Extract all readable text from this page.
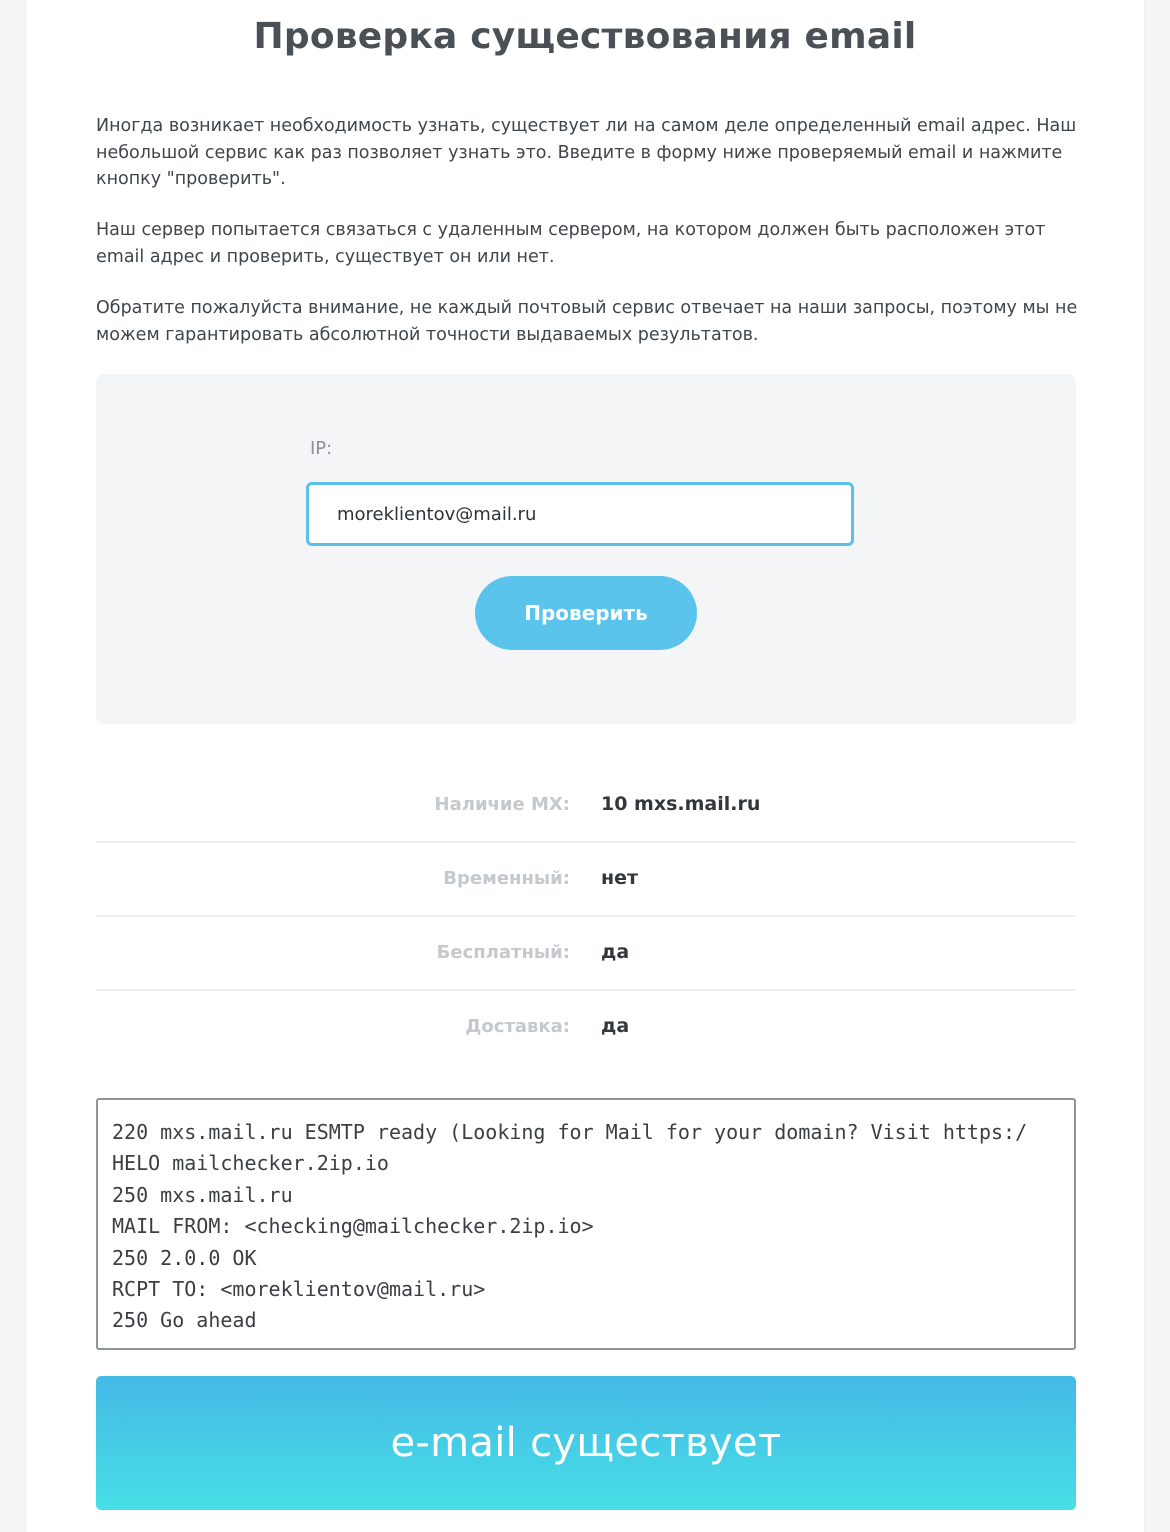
Проверка существования email

Иногда возникает необходимость узнать, существует ли на самом деле определенный email адрес. Наш небольшой сервис как раз позволяет узнать это. Введите в форму ниже проверяемый email и нажмите кнопку "проверить".

Наш сервер попытается связаться с удаленным сервером, на котором должен быть расположен этот email адрес и проверить, существует он или нет.

Обратите пожалуйста внимание, не каждый почтовый сервис отвечает на наши запросы, поэтому мы не можем гарантировать абсолютной точности выдаваемых результатов.

IP:
moreklientov@mail.ru
Проверить
Наличие MX: 10 mxs.mail.ru
Временный: нет
Бесплатный: да
Доставка: да
220 mxs.mail.ru ESMTP ready (Looking for Mail for your domain? Visit https:/
HELO mailchecker.2ip.io
250 mxs.mail.ru
MAIL FROM: <checking@mailchecker.2ip.io>
250 2.0.0 OK
RCPT TO: <moreklientov@mail.ru>
250 Go ahead
e-mail существует
